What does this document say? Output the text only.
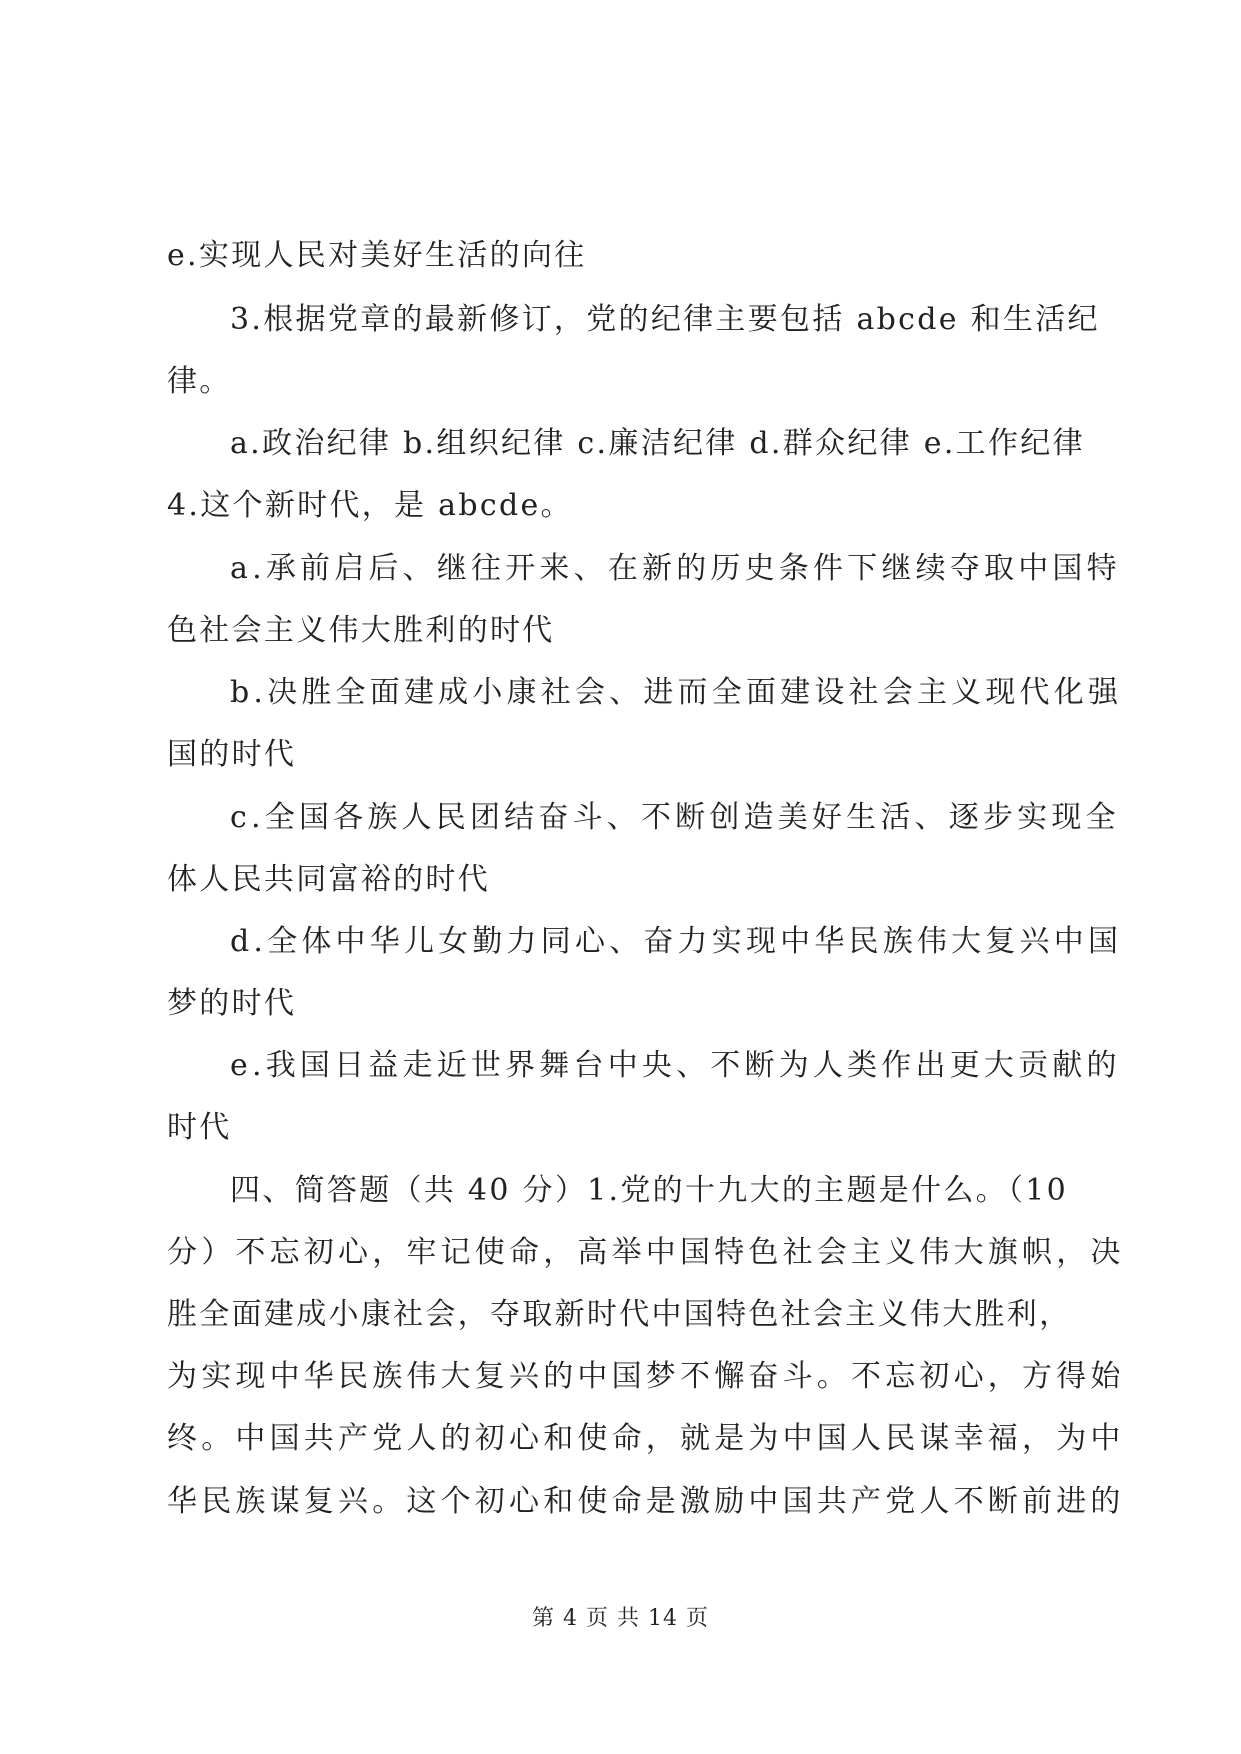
e.实现人民对美好生活的向往
3.根据党章的最新修订，党的纪律主要包括 abcde 和生活纪
律。
a.政治纪律 b.组织纪律 c.廉洁纪律 d.群众纪律 e.工作纪律
4.这个新时代，是 abcde。
a.承前启后、继往开来、在新的历史条件下继续夺取中国特
色社会主义伟大胜利的时代
b.决胜全面建成小康社会、进而全面建设社会主义现代化强
国的时代
c.全国各族人民团结奋斗、不断创造美好生活、逐步实现全
体人民共同富裕的时代
d.全体中华儿女勤力同心、奋力实现中华民族伟大复兴中国
梦的时代
e.我国日益走近世界舞台中央、不断为人类作出更大贡献的
时代
四、简答题（共 40 分）1.党的十九大的主题是什么。（10
分）不忘初心，牢记使命，高举中国特色社会主义伟大旗帜，决
胜全面建成小康社会，夺取新时代中国特色社会主义伟大胜利，
为实现中华民族伟大复兴的中国梦不懈奋斗。不忘初心，方得始
终。中国共产党人的初心和使命，就是为中国人民谋幸福，为中
华民族谋复兴。这个初心和使命是激励中国共产党人不断前进的
第 4 页 共 14 页
